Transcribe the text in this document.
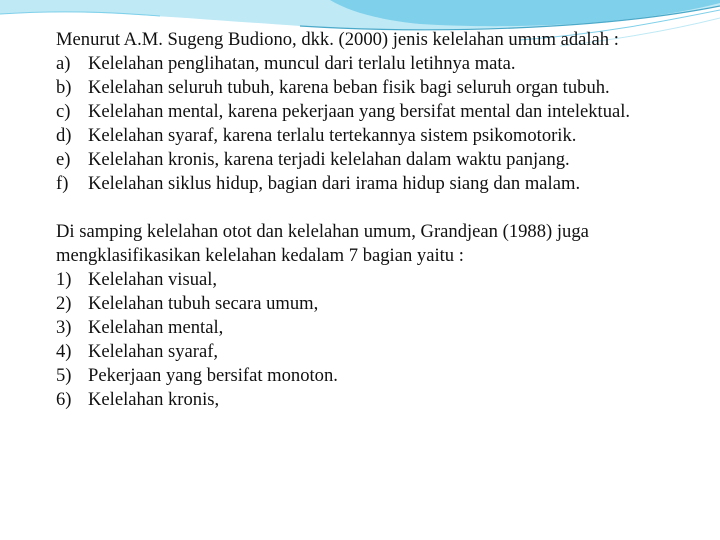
Menurut A.M. Sugeng Budiono, dkk. (2000) jenis kelelahan umum adalah :

a) Kelelahan penglihatan, muncul dari terlalu letihnya mata.

b) Kelelahan seluruh tubuh, karena beban fisik bagi seluruh organ tubuh.

c) Kelelahan mental, karena pekerjaan yang bersifat mental dan intelektual.

d) Kelelahan syaraf, karena terlalu tertekannya sistem psikomotorik.

e) Kelelahan kronis, karena terjadi kelelahan dalam waktu panjang.

f) Kelelahan siklus hidup, bagian dari irama hidup siang dan malam.

Di samping kelelahan otot dan kelelahan umum, Grandjean (1988) juga mengklasifikasikan kelelahan kedalam 7 bagian yaitu :

1) Kelelahan visual,

2) Kelelahan tubuh secara umum,

3) Kelelahan mental,

4) Kelelahan syaraf,

5) Pekerjaan yang bersifat monoton.

6) Kelelahan kronis,
